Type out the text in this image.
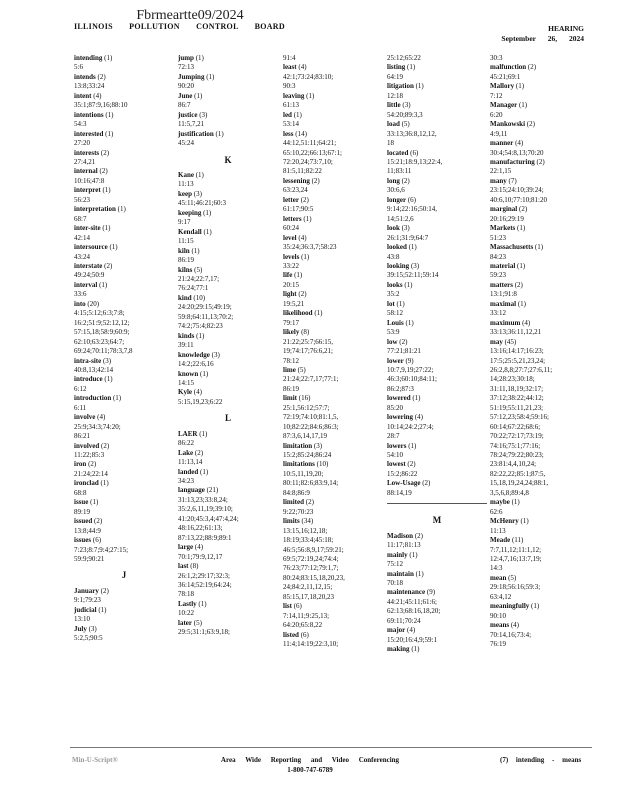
ILLINOIS POLLUTION CONTROL BOARD
Fbrmeartte09/2024
HEARING
September 26, 2024
intending (1)
5:6
intends (2)
13:8;33:24
intent (4)
35:1;87:9,16;88:10
intentions (1)
54:3
interested (1)
27:20
interests (2)
27:4,21
internal (2)
10:16;47:8
interpret (1)
56:23
interpretation (1)
68:7
inter-site (1)
42:14
intersource (1)
43:24
interstate (2)
49:24;50:9
interval (1)
33:6
into (20)
4:15;5:12;6:3;7:8;
16:2;51:9;52:12,12;
57:15,18;58:9;60:9;
62:10;63:23;64:7;
69:24;70:11;78:3,7,8
intra-site (3)
40:8,13;42:14
introduce (1)
6:12
introduction (1)
6:11
involve (4)
25:9;34:3;74:20;
86:21
involved (2)
11:22;85:3
iron (2)
21:24;22:14
ironclad (1)
68:8
issue (1)
89:19
issued (2)
13:8;44:9
issues (6)
7:23;8:7;9:4;27:15;
59:9;90:21
J
January (2)
9:1;79:23
judicial (1)
13:10
July (3)
5:2,5;90:5
jump (1)
72:13
Jumping (1)
90:20
June (1)
86:7
justice (3)
11:5,7,21
justification (1)
45:24
K
Kane (1)
11:13
keep (3)
45:11;46:21;60:3
keeping (1)
9:17
Kendall (1)
11:15
kiln (1)
86:19
kilns (5)
21:24;22:7,17;
76:24;77:1
kind (10)
24:20;29:15;49:19;
59:8;64:11,13;70:2;
74:2;75:4;82:23
kinds (1)
39:11
knowledge (3)
14:2;22:6,16
known (1)
14:15
Kyle (4)
5:15,19,23;6:22
L
LAER (1)
86:22
Lake (2)
11:13,14
landed (1)
34:23
language (21)
31:13,23;33:8,24;
35:2,6,11,19;39:10;
41:20;45:3,4;47:4,24;
48:16,22;61:13;
87:13,22;88:9;89:1
large (4)
70:1;79:9,12,17
last (8)
26:1,2;29:17;32:3;
36:14;52:19;64:24;
78:18
Lastly (1)
10:22
later (5)
29:5;31:1;63:9,18;
91:4
least (4)
42:1;73:24;83:10;
90:3
leaving (1)
61:13
led (1)
53:14
less (14)
44:12,51:11;64:21;
65:10,22;66:13;67:1;
72:20,24;73:7,10;
81:5,11;82:22
lessening (2)
63:23,24
letter (2)
61:17;90:5
letters (1)
60:24
level (4)
35:24;36:3,7;58:23
levels (1)
33:22
life (1)
20:15
light (2)
19:5,21
likelihood (1)
79:17
likely (8)
21:22;25:7;66:15,
19;74:17;76:6,21;
78:12
lime (5)
21:24;22:7,17;77:1;
86:19
limit (16)
25:1,56:12;57:7;
72:19;74:10;81:1,5,
10;82:22;84:6;86:3;
87:3,6,14,17,19
limitation (3)
15:2;85:24;86:24
limitations (10)
10:5,11,19,20;
80:11;82:6;83:9,14;
84:8;86:9
limited (2)
9:22;70:23
limits (34)
13:15,16;12,18;
18:19;33:4;45:18;
46:5;56:8,9,17;59:21;
69:5;72:19,24;74:4;
76:23;77:12;79:1,7;
80:24;83:15,18,20,23,
24;84:2,11,12,15;
85:15,17,18,20,23
list (6)
7:14,11;9:25,13;
64:20;65:8,22
listed (6)
11:4;14:19;22:3,10;
25:12;65:22
listing (1)
64:19
litigation (1)
12:18
little (3)
54:20;89:3,3
load (5)
33:13;36:8,12,12,
18
located (6)
15:21;18:9,13;22:4,
11;83:11
long (2)
30:6,6
longer (6)
9:14;22:16;50:14,
14;51:2,6
look (3)
26:1;31:9;64:7
looked (1)
43:8
looking (3)
39:15;52:11;59:14
looks (1)
35:2
lot (1)
58:12
Louis (1)
53:9
low (2)
77:21;81:21
lower (9)
10:7,9,19;27:22;
46:3;60:10;84:11;
86:2;87:3
lowered (1)
85:20
lowering (4)
10:14;24:2;27:4;
28:7
lowers (1)
54:10
lowest (2)
15:2;86:22
Low-Usage (2)
88:14,19
M
Madison (2)
11:17;81:13
mainly (1)
75:12
maintain (1)
70:18
maintenance (9)
44:21;45:11;61:6;
62:13;68:16,18,20;
69:11;70:24
major (4)
15:20;16:4,9;59:1
making (1)
30:3
malfunction (2)
45:21;69:1
Mallory (1)
7:12
Manager (1)
6:20
Mankowski (2)
4:9,11
manner (4)
30:4;54:8,13;70:20
manufacturing (2)
22:1,15
many (7)
23:15;24:10;39:24;
40:6,10;77:10;81:20
marginal (2)
20:16;29:19
Markets (1)
51:23
Massachusetts (1)
84:23
material (1)
59:23
matters (2)
13:1;91:8
maximal (1)
33:12
maximum (4)
33:13;36:11,12,21
may (45)
13:16;14:17;16:23;
17:5;25:5,21,23,24;
26:2,8,8;27:7;27:6,11;
14;28:23;30:18;
31:11,18,19;32:17;
37:12;38:22;44:12;
51:19;55:11,21,23;
57:12,23;58:4;59:16;
60:14;67:22;68:6;
70:22;72:17;73:19;
74:16;75:1;77:16;
78:24;79:22;80:23;
23:81:4,4,10,24;
82:22,22;85:1;87:5,
15,18,19,24,24;88:1,
3,5,6,8;89:4,8
maybe (1)
62:6
McHenry (1)
11:13
Meade (11)
7:7,11,12;11:1,12;
12:4,7,16;13:7,19;
14:3
mean (5)
29:18;56:16;59:3;
63:4,12
meaningfully (1)
90:10
means (4)
70:14,16;73:4;
76:19
Min-U-Script®	Area Wide Reporting and Video Conferencing
1-800-747-6789
(7) intending - means
